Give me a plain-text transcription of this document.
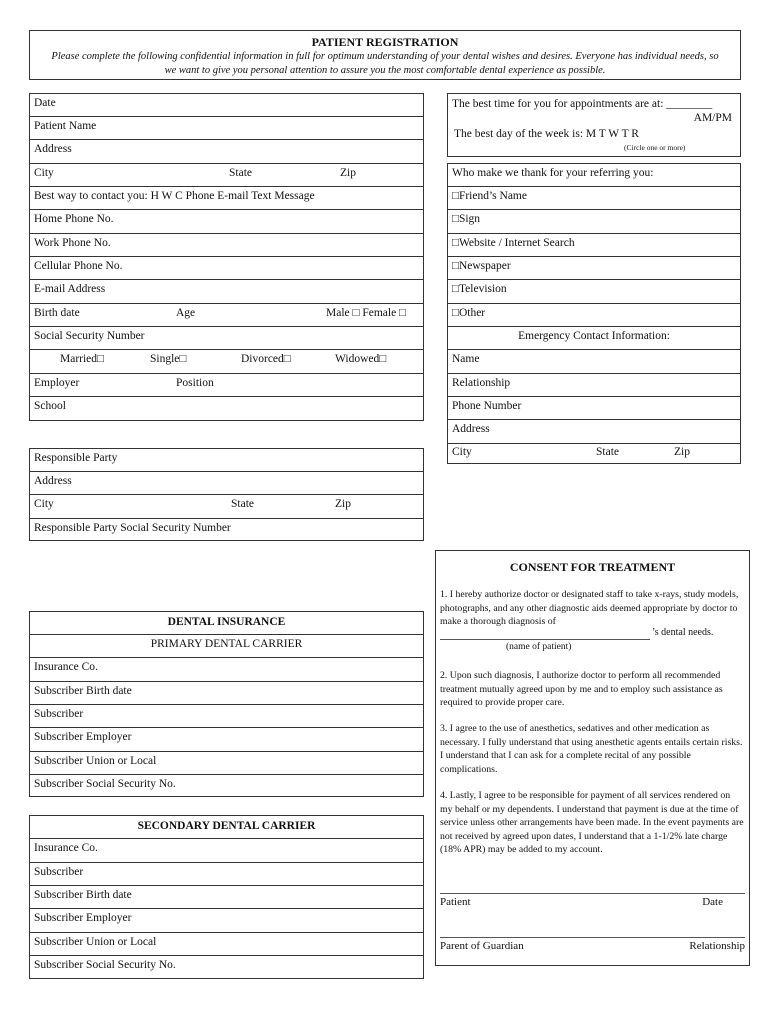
PATIENT REGISTRATION
Please complete the following confidential information in full for optimum understanding of your dental wishes and desires. Everyone has individual needs, so we want to give you personal attention to assure you the most comfortable dental experience as possible.
Date
Patient Name
Address
City	State	Zip
Best way to contact you: H W C Phone E-mail Text Message
Home Phone No.
Work Phone No.
Cellular Phone No.
E-mail Address
Birth date	Age	Male □ Female □
Social Security Number
Married□	Single□	Divorced□	Widowed□
Employer	Position
School
The best time for you for appointments are at: ________
AM/PM
The best day of the week is: M T W T R
(Circle one or more)
Who make we thank for your referring you:
□Friend’s Name
□Sign
□Website / Internet Search
□Newspaper
□Television
□Other
Emergency Contact Information:
Name
Relationship
Phone Number
Address
City	State	Zip
Responsible Party
Address
City	State	Zip
Responsible Party Social Security Number
DENTAL INSURANCE
PRIMARY DENTAL CARRIER
Insurance Co.
Subscriber Birth date
Subscriber
Subscriber Employer
Subscriber Union or Local
Subscriber Social Security No.
SECONDARY DENTAL CARRIER
Insurance Co.
Subscriber
Subscriber Birth date
Subscriber Employer
Subscriber Union or Local
Subscriber Social Security No.
CONSENT FOR TREATMENT
1. I hereby authorize doctor or designated staff to take x-rays, study models, photographs, and any other diagnostic aids deemed appropriate by doctor to make a thorough diagnosis of
’s dental needs.
(name of patient)
2. Upon such diagnosis, I authorize doctor to perform all recommended treatment mutually agreed upon by me and to employ such assistance as required to provide proper care.
3. I agree to the use of anesthetics, sedatives and other medication as necessary. I fully understand that using anesthetic agents entails certain risks. I understand that I can ask for a complete recital of any possible complications.
4. Lastly, I agree to be responsible for payment of all services rendered on my behalf or my dependents. I understand that payment is due at the time of service unless other arrangements have been made. In the event payments are not received by agreed upon dates, I understand that a 1-1/2% late charge (18% APR) may be added to my account.
Patient	Date
Parent of Guardian	Relationship
